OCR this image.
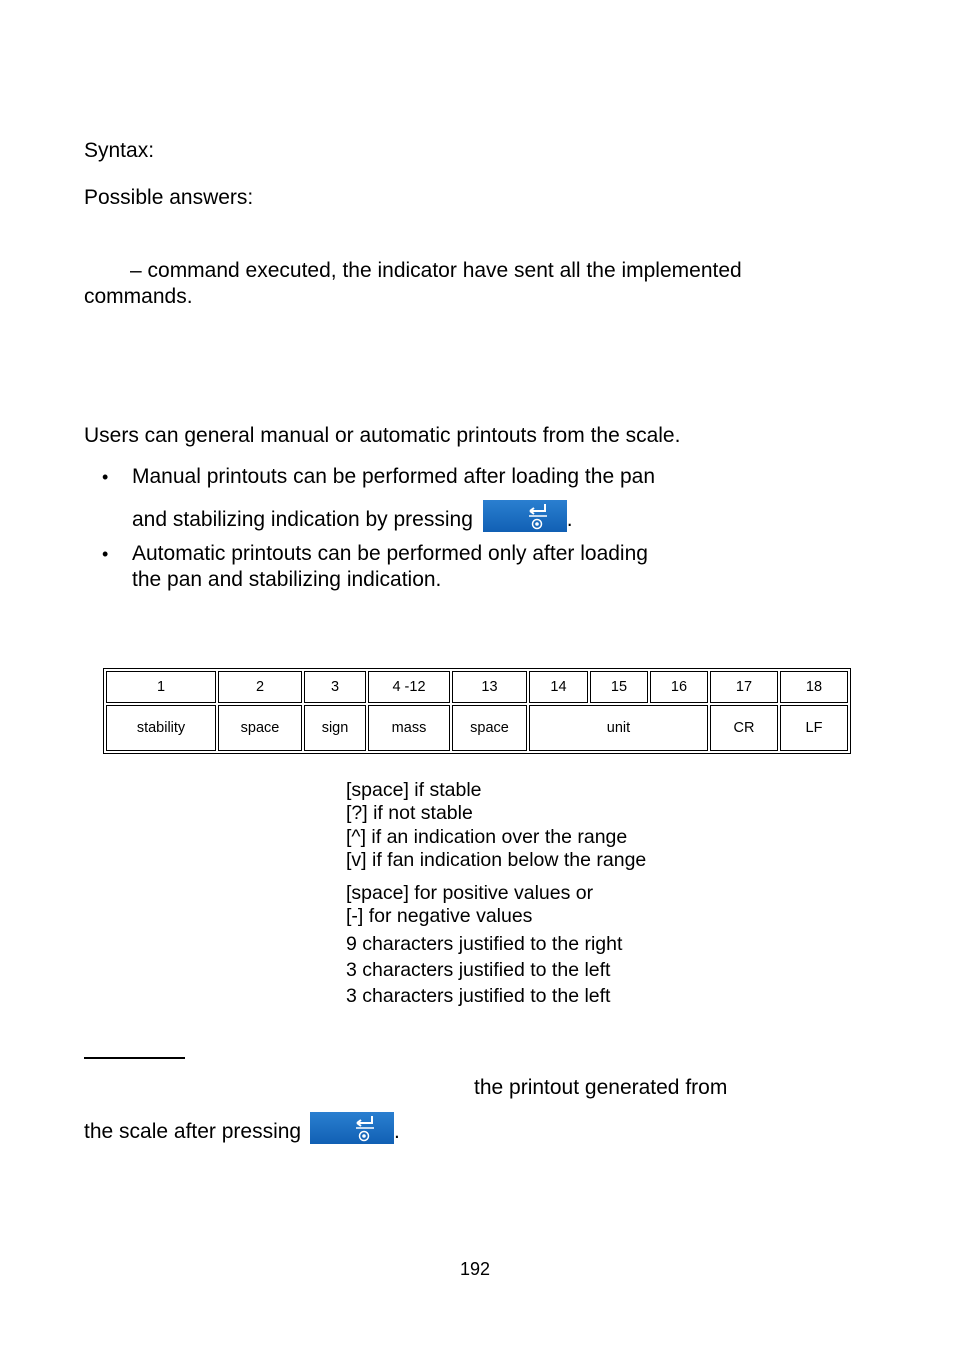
Syntax:
Possible answers:
– command executed, the indicator have sent all the implemented
commands.
Users can general manual or automatic printouts from the scale.
• Manual printouts can be performed after loading the pan
and stabilizing indication by pressing	.
• Automatic printouts can be performed only after loading
the pan and stabilizing indication.
1	2	3	4 -12	13	14	15	16	17	18
stability	space	sign	mass	space	unit			CR	LF
[space] if stable
[?] if not stable
[^] if an indication over the range
[v] if fan indication below the range
[space] for positive values or
[-] for negative values
9 characters justified to the right
3 characters justified to the left
3 characters justified to the left
the printout generated from
the scale after pressing	.
192
